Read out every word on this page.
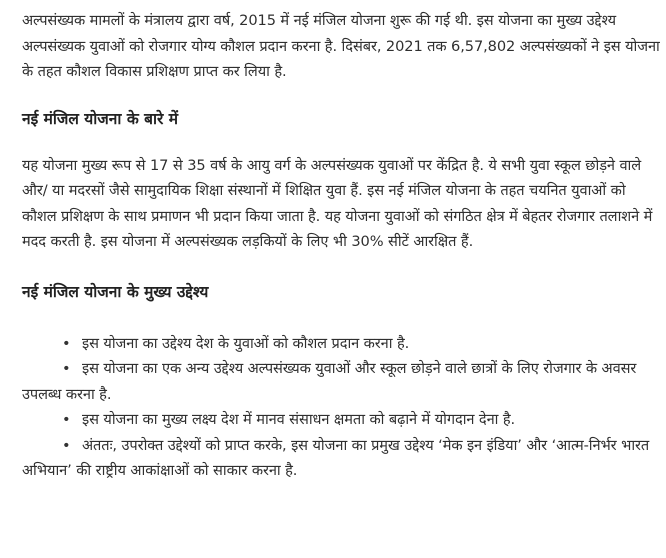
अल्पसंख्यक मामलों के मंत्रालय द्वारा वर्ष, 2015 में नई मंजिल योजना शुरू की गई थी. इस योजना का मुख्य उद्देश्य अल्पसंख्यक युवाओं को रोजगार योग्य कौशल प्रदान करना है. दिसंबर, 2021 तक 6,57,802 अल्पसंख्यकों ने इस योजना के तहत कौशल विकास प्रशिक्षण प्राप्त कर लिया है.

नई मंजिल योजना के बारे में

यह योजना मुख्य रूप से 17 से 35 वर्ष के आयु वर्ग के अल्पसंख्यक युवाओं पर केंद्रित है. ये सभी युवा स्कूल छोड़ने वाले और/ या मदरसों जैसे सामुदायिक शिक्षा संस्थानों में शिक्षित युवा हैं. इस नई मंजिल योजना के तहत चयनित युवाओं को कौशल प्रशिक्षण के साथ प्रमाणन भी प्रदान किया जाता है. यह योजना युवाओं को संगठित क्षेत्र में बेहतर रोजगार तलाशने में मदद करती है. इस योजना में अल्पसंख्यक लड़कियों के लिए भी 30% सीटें आरक्षित हैं.

नई मंजिल योजना के मुख्य उद्देश्य
• इस योजना का उद्देश्य देश के युवाओं को कौशल प्रदान करना है.
• इस योजना का एक अन्य उद्देश्य अल्पसंख्यक युवाओं और स्कूल छोड़ने वाले छात्रों के लिए रोजगार के अवसर उपलब्ध करना है.
• इस योजना का मुख्य लक्ष्य देश में मानव संसाधन क्षमता को बढ़ाने में योगदान देना है.
• अंततः, उपरोक्त उद्देश्यों को प्राप्त करके, इस योजना का प्रमुख उद्देश्य ‘मेक इन इंडिया’ और ‘आत्म-निर्भर भारत अभियान’ की राष्ट्रीय आकांक्षाओं को साकार करना है.
